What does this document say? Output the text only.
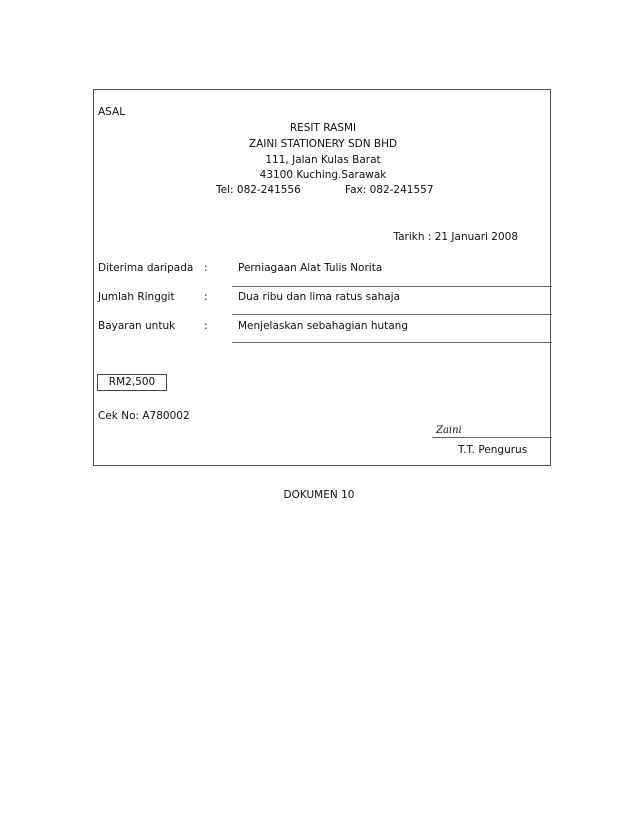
ASAL
RESIT RASMI
ZAINI STATIONERY SDN BHD
111, Jalan Kulas Barat
43100 Kuching.Sarawak
Tel: 082-241556	Fax: 082-241557
Tarikh : 21 Januari 2008
Diterima daripada :	Perniagaan Alat Tulis Norita
Jumlah Ringgit	:	Dua ribu dan lima ratus sahaja
Bayaran untuk	:	Menjelaskan sebahagian hutang
RM2,500
Cek No: A780002
Zaini
T.T. Pengurus
DOKUMEN 10
